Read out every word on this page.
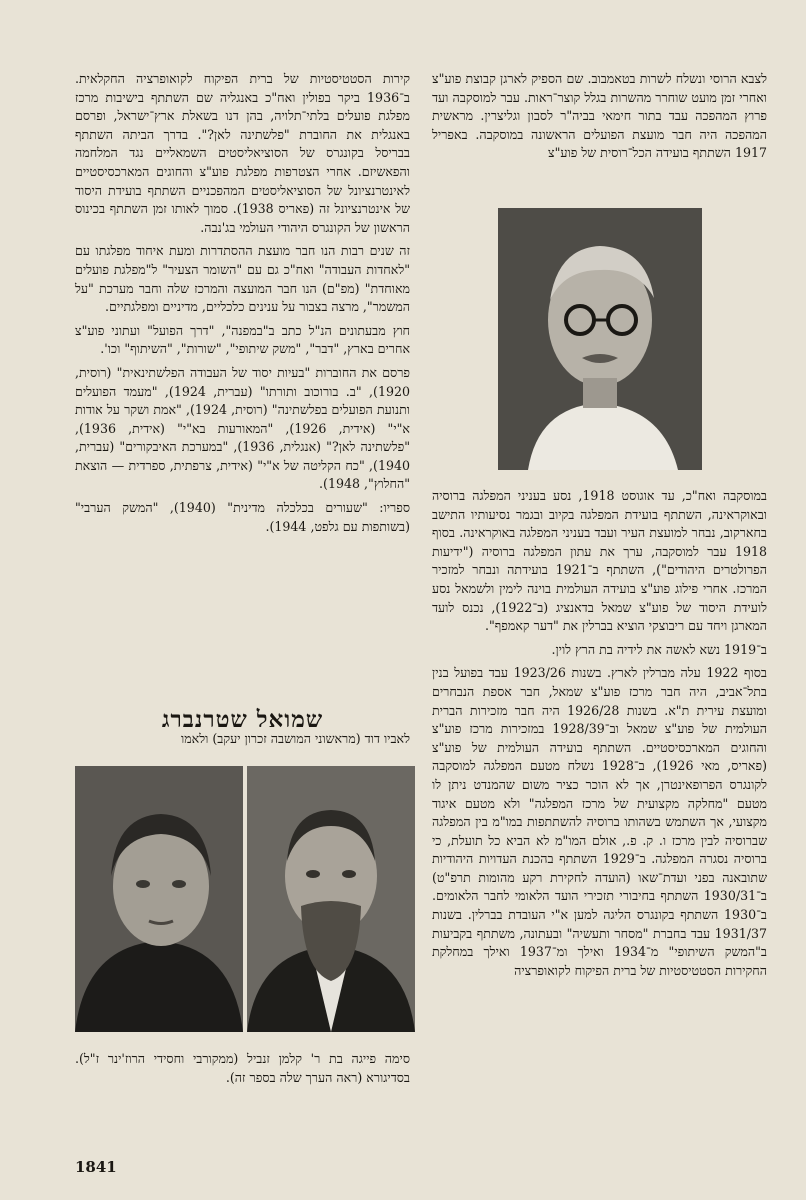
לצבא הרוסי ונשלח לשרות בטאמבוב. שם הספיק לארגן קבוצת פוע"צ ואחרי זמן מועט שוחרר מהשרות בגלל קוצר־ראות. עבר למוסקבה ועד פרוץ המהפכה עבד בתור חימאי בביה"ר לסבון וגליצרין. מראשית המהפכה היה חבר מועצת הפועלים הראשונה במוסקבה. באפריל 1917 השתתף בועידה הכל־רוסית של פוע"צ

במוסקבה ואח"כ, עד אוגוסט 1918, נסע בעניני המפלגה ברוסיה ובאוקראינה, השתתף בועידת המפלגה בקיוב ובגמר נסיעותיו התישב בחארקוב, נבחר למועצת העיר ועבד בעניני המפלגה באוקראינה. בסוף 1918 עבר למוסקבה, ערך את עתון המפלגה ברוסיה ("ידיעות הפרולטרים היהודים"), השתתף ב־1921 בועידתה ונבחר למזכיר המרכז. אחרי פילוג פוע"צ בועידה העולמית בוינה לימין ולשמאל נסע לועידת היסוד של פוע"צ שמאל בדאנציג (ב־1922), נכנס לועד המארגן ויחד עם ריבוצקי הוציא בברלין את "דער קאמפף".

ב־1919 נשא לאשה את לידיה בת הרץ לוין.

בסוף 1922 עלה מברלין לארץ. בשנות 1923/26 עבד בפועל בנין בתל־אביב, היה חבר מרכז פוע"צ שמאל, חבר אספת הנבחרים ומועצת עירית ת"א. בשנות 1926/28 היה חבר מזכירות הברית העולמית של פוע"צ שמאל וב־1928/39 במזכירות מרכז פוע"צ והחוגים המארכסיסטיים. השתתף בועידה העולמית של פוע"צ (פאריס, מאי 1926), ב־1928 נשלח מטעם המפלגה למוסקבה לקונגרס הפרופאינטרן, אך לא הוכר כציר משום שהמנדט ניתן לו מטעם "מחלקה מקצועית של מרכז המפלגה" ולא מטעם איגוד מקצועי, אך השתמש בשהותו ברוסיה להשתתפות במו"מ בין המפלגה שברוסיה לבין מרכז ו. ק. פ., אולם המו"מ לא הביא כל תועלת, כי ברוסיה נסגרה המפלגה. ב־1929 השתתף בהכנת העדויות היהודיות שתובאנה בפני ועדת־שאו (הועדה לחקירת רקע מהומות תרפ"ט) ב־1930/31 השתתף בחיבורי תזכירי הועד הלאומי לחבר הלאומים. ב־1930 השתתף בקונגרס הליגה למען א"י העובדת בברלין. בשנות 1931/37 עבד בחברת "מסחר ותעשיה" ובעתונה, משתתף בקביעות ב"המשק השיתופי" מ־1934 ואילך ומ־1937 ואילך במחלקת החקירות הסטטיסטיות של ברית הפיקוח לקואופרציה

קירות הסטטיסטיות של ברית הפיקוח לקואופרציה החקלאית. ב־1936 ביקר בפולין ואח"כ באנגליה שם השתתף בישיבות מרכז מפלגת פועלים בלתי־תלויה, בהן דנו בשאלת ארץ־ישראל, ופרסם באנגלית את החוברת "פלשתינה לאן?". בדרך הביתה השתתף בבריסל בקונגרס של הסוציאליסטים השמאליים נגד המלחמה והפאשיזם. אחרי הצטרפות מפלגת פוע"צ והחוגים המארכסיסטיים לאינטרנציונל של הסוציאליסטים המהפכניים השתתף בועידת היסוד של אינטרנציונל זה (פאריס 1938). סמוך לאותו זמן השתתף בכינוס הראשון של הקונגרס היהודי העולמי בג'נבה.

זה שנים רבות הנו חבר מועצת ההסתדרות ומעת איחוד מפלגתו עם "לאחדות העבודה" ואח"כ גם עם "השומר הצעיר" ל"מפלגת פועלים מאוחדת" (מפ"ם) הנו חבר המועצה והמרכז שלה וחבר מערכת "על המשמר", מרצה בצבור על ענינים כלכליים, מדיניים ומפלגתיים.

חוץ מבעתונים הנ"ל כתב ב"במפנה", "דרך הפועל" ועתוני פוע"צ אחרים בארץ, "דבר", "משק שיתופי", "שורות", "השיתוף" וכו'.

פרסם את החוברות "בעיות יסוד של העבודה הפלשתינאית" (רוסית, 1920), "ב. בורוכוב ותורתו" (עברית, 1924), "מעמד הפועלים ותנועת הפועלים בפלשתינה" (רוסית, 1924), "אמת ושקר על אודות א"י" (אידית, 1926), "המאורעות בא"י" (אידית, 1936), "פלשתינה לאן?" (אנגלית, 1936), "במערכת האיבקורים" (עברית, 1940), "כח הקליטה של א"י" (אידית, צרפתית, ספרדית — הוצאת "החלוץ", 1948).

ספריו: "שעורים בכלכלה מדינית" (1940), "המשק הערבי" (בשותפות עם גלפט, 1944).

שמואל שטרנברג

לאביו דוד (מראשוני המושבה זכרון יעקב) ולאמו

סימה פייגה בת ר' קלמן זנביל (ממקורבי וחסידי הרוז'ינר ז"ל). בסדיגורא (ראה הערך שלה בספר זה).
1841
